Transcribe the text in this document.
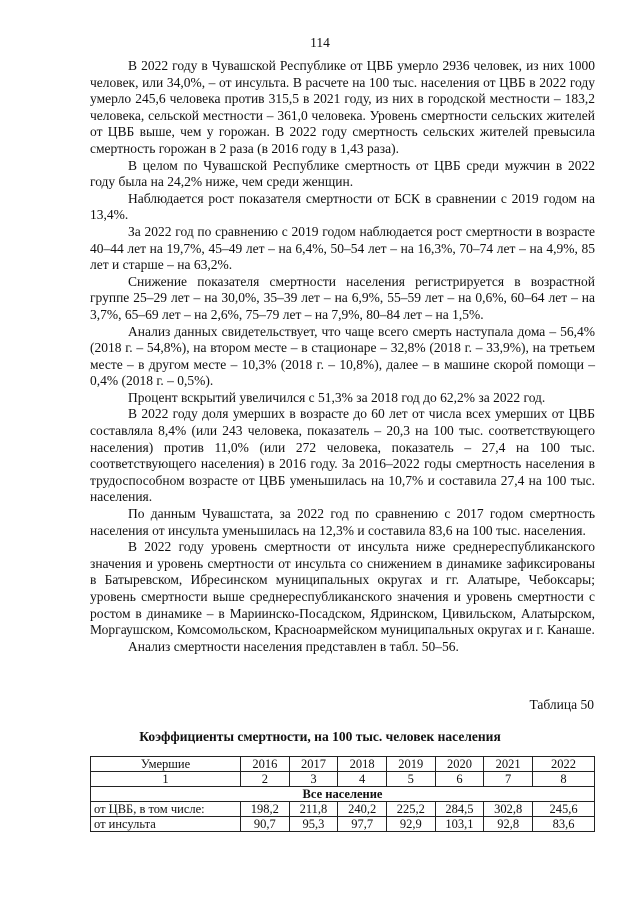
114

В 2022 году в Чувашской Республике от ЦВБ умерло 2936 человек, из них 1000 человек, или 34,0%, – от инсульта. В расчете на 100 тыс. населения от ЦВБ в 2022 году умерло 245,6 человека против 315,5 в 2021 году, из них в городской местности – 183,2 человека, сельской местности – 361,0 человека. Уровень смертности сельских жителей от ЦВБ выше, чем у горожан. В 2022 году смертность сельских жителей превысила смертность горожан в 2 раза (в 2016 году в 1,43 раза).

В целом по Чувашской Республике смертность от ЦВБ среди мужчин в 2022 году была на 24,2% ниже, чем среди женщин.

Наблюдается рост показателя смертности от БСК в сравнении с 2019 годом на 13,4%.

За 2022 год по сравнению с 2019 годом наблюдается рост смертности в возрасте 40–44 лет на 19,7%, 45–49 лет – на 6,4%, 50–54 лет – на 16,3%, 70–74 лет – на 4,9%, 85 лет и старше – на 63,2%.

Снижение показателя смертности населения регистрируется в возрастной группе 25–29 лет – на 30,0%, 35–39 лет – на 6,9%, 55–59 лет – на 0,6%, 60–64 лет – на 3,7%, 65–69 лет – на 2,6%, 75–79 лет – на 7,9%, 80–84 лет – на 1,5%.

Анализ данных свидетельствует, что чаще всего смерть наступала дома – 56,4% (2018 г. – 54,8%), на втором месте – в стационаре – 32,8% (2018 г. – 33,9%), на третьем месте – в другом месте – 10,3% (2018 г. – 10,8%), далее – в машине скорой помощи – 0,4% (2018 г. – 0,5%).

Процент вскрытий увеличился с 51,3% за 2018 год до 62,2% за 2022 год.

В 2022 году доля умерших в возрасте до 60 лет от числа всех умерших от ЦВБ составляла 8,4% (или 243 человека, показатель – 20,3 на 100 тыс. соответствующего населения) против 11,0% (или 272 человека, показатель – 27,4 на 100 тыс. соответствующего населения) в 2016 году. За 2016–2022 годы смертность населения в трудоспособном возрасте от ЦВБ уменьшилась на 10,7% и составила 27,4 на 100 тыс. населения.

По данным Чувашстата, за 2022 год по сравнению с 2017 годом смертность населения от инсульта уменьшилась на 12,3% и составила 83,6 на 100 тыс. населения.

В 2022 году уровень смертности от инсульта ниже среднереспубликанского значения и уровень смертности от инсульта со снижением в динамике зафиксированы в Батыревском, Ибресинском муниципальных округах и гг. Алатыре, Чебоксары; уровень смертности выше среднереспубликанского значения и уровень смертности с ростом в динамике – в Мариинско-Посадском, Ядринском, Цивильском, Алатырском, Моргаушском, Комсомольском, Красноармейском муниципальных округах и г. Канаше.

Анализ смертности населения представлен в табл. 50–56.

Таблица 50
Коэффициенты смертности, на 100 тыс. человек населения
Умершие	2016	2017	2018	2019	2020	2021	2022
1	2	3	4	5	6	7	8
Все население							
от ЦВБ, в том числе:	198,2	211,8	240,2	225,2	284,5	302,8	245,6
от инсульта	90,7	95,3	97,7	92,9	103,1	92,8	83,6
